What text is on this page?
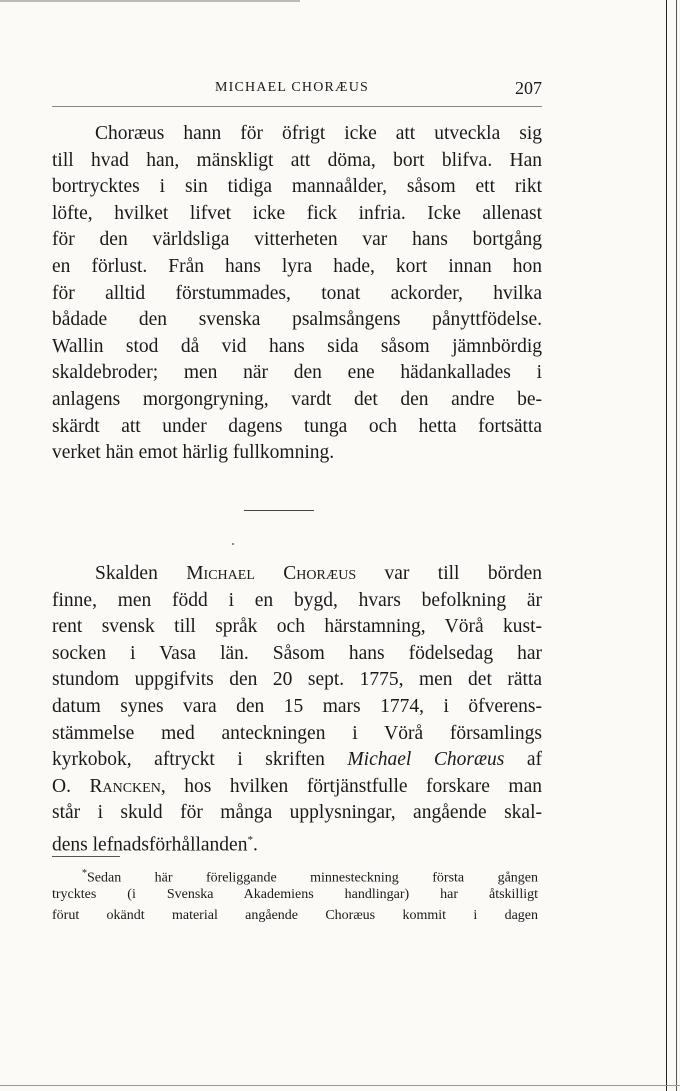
MICHAEL CHORÆUS	207
Choræus hann för öfrigt icke att utveckla sig
till hvad han, mänskligt att döma, bort blifva. Han
bortrycktes i sin tidiga mannaålder, såsom ett rikt
löfte, hvilket lifvet icke fick infria. Icke allenast
för den världsliga vitterheten var hans bortgång
en förlust. Från hans lyra hade, kort innan hon
för alltid förstummades, tonat ackorder, hvilka
bådade den svenska psalmsångens pånyttfödelse.
Wallin stod då vid hans sida såsom jämnbördig
skaldebroder; men när den ene hädankallades i
anlagens morgongryning, vardt det den andre be-
skärdt att under dagens tunga och hetta fortsätta
verket hän emot härlig fullkomning.
Skalden Michael Choræus var till börden
finne, men född i en bygd, hvars befolkning är
rent svensk till språk och härstamning, Vörå kust-
socken i Vasa län. Såsom hans födelsedag har
stundom uppgifvits den 20 sept. 1775, men det rätta
datum synes vara den 15 mars 1774, i öfverens-
stämmelse med anteckningen i Vörå församlings
kyrkobok, aftryckt i skriften Michael Choræus af
O. Rancken, hos hvilken förtjänstfulle forskare man
står i skuld för många upplysningar, angående skal-
dens lefnadsförhållanden*.
*Sedan här föreliggande minnesteckning första gången
trycktes (i Svenska Akademiens handlingar) har åtskilligt
förut okändt material angående Choræus kommit i dagen
